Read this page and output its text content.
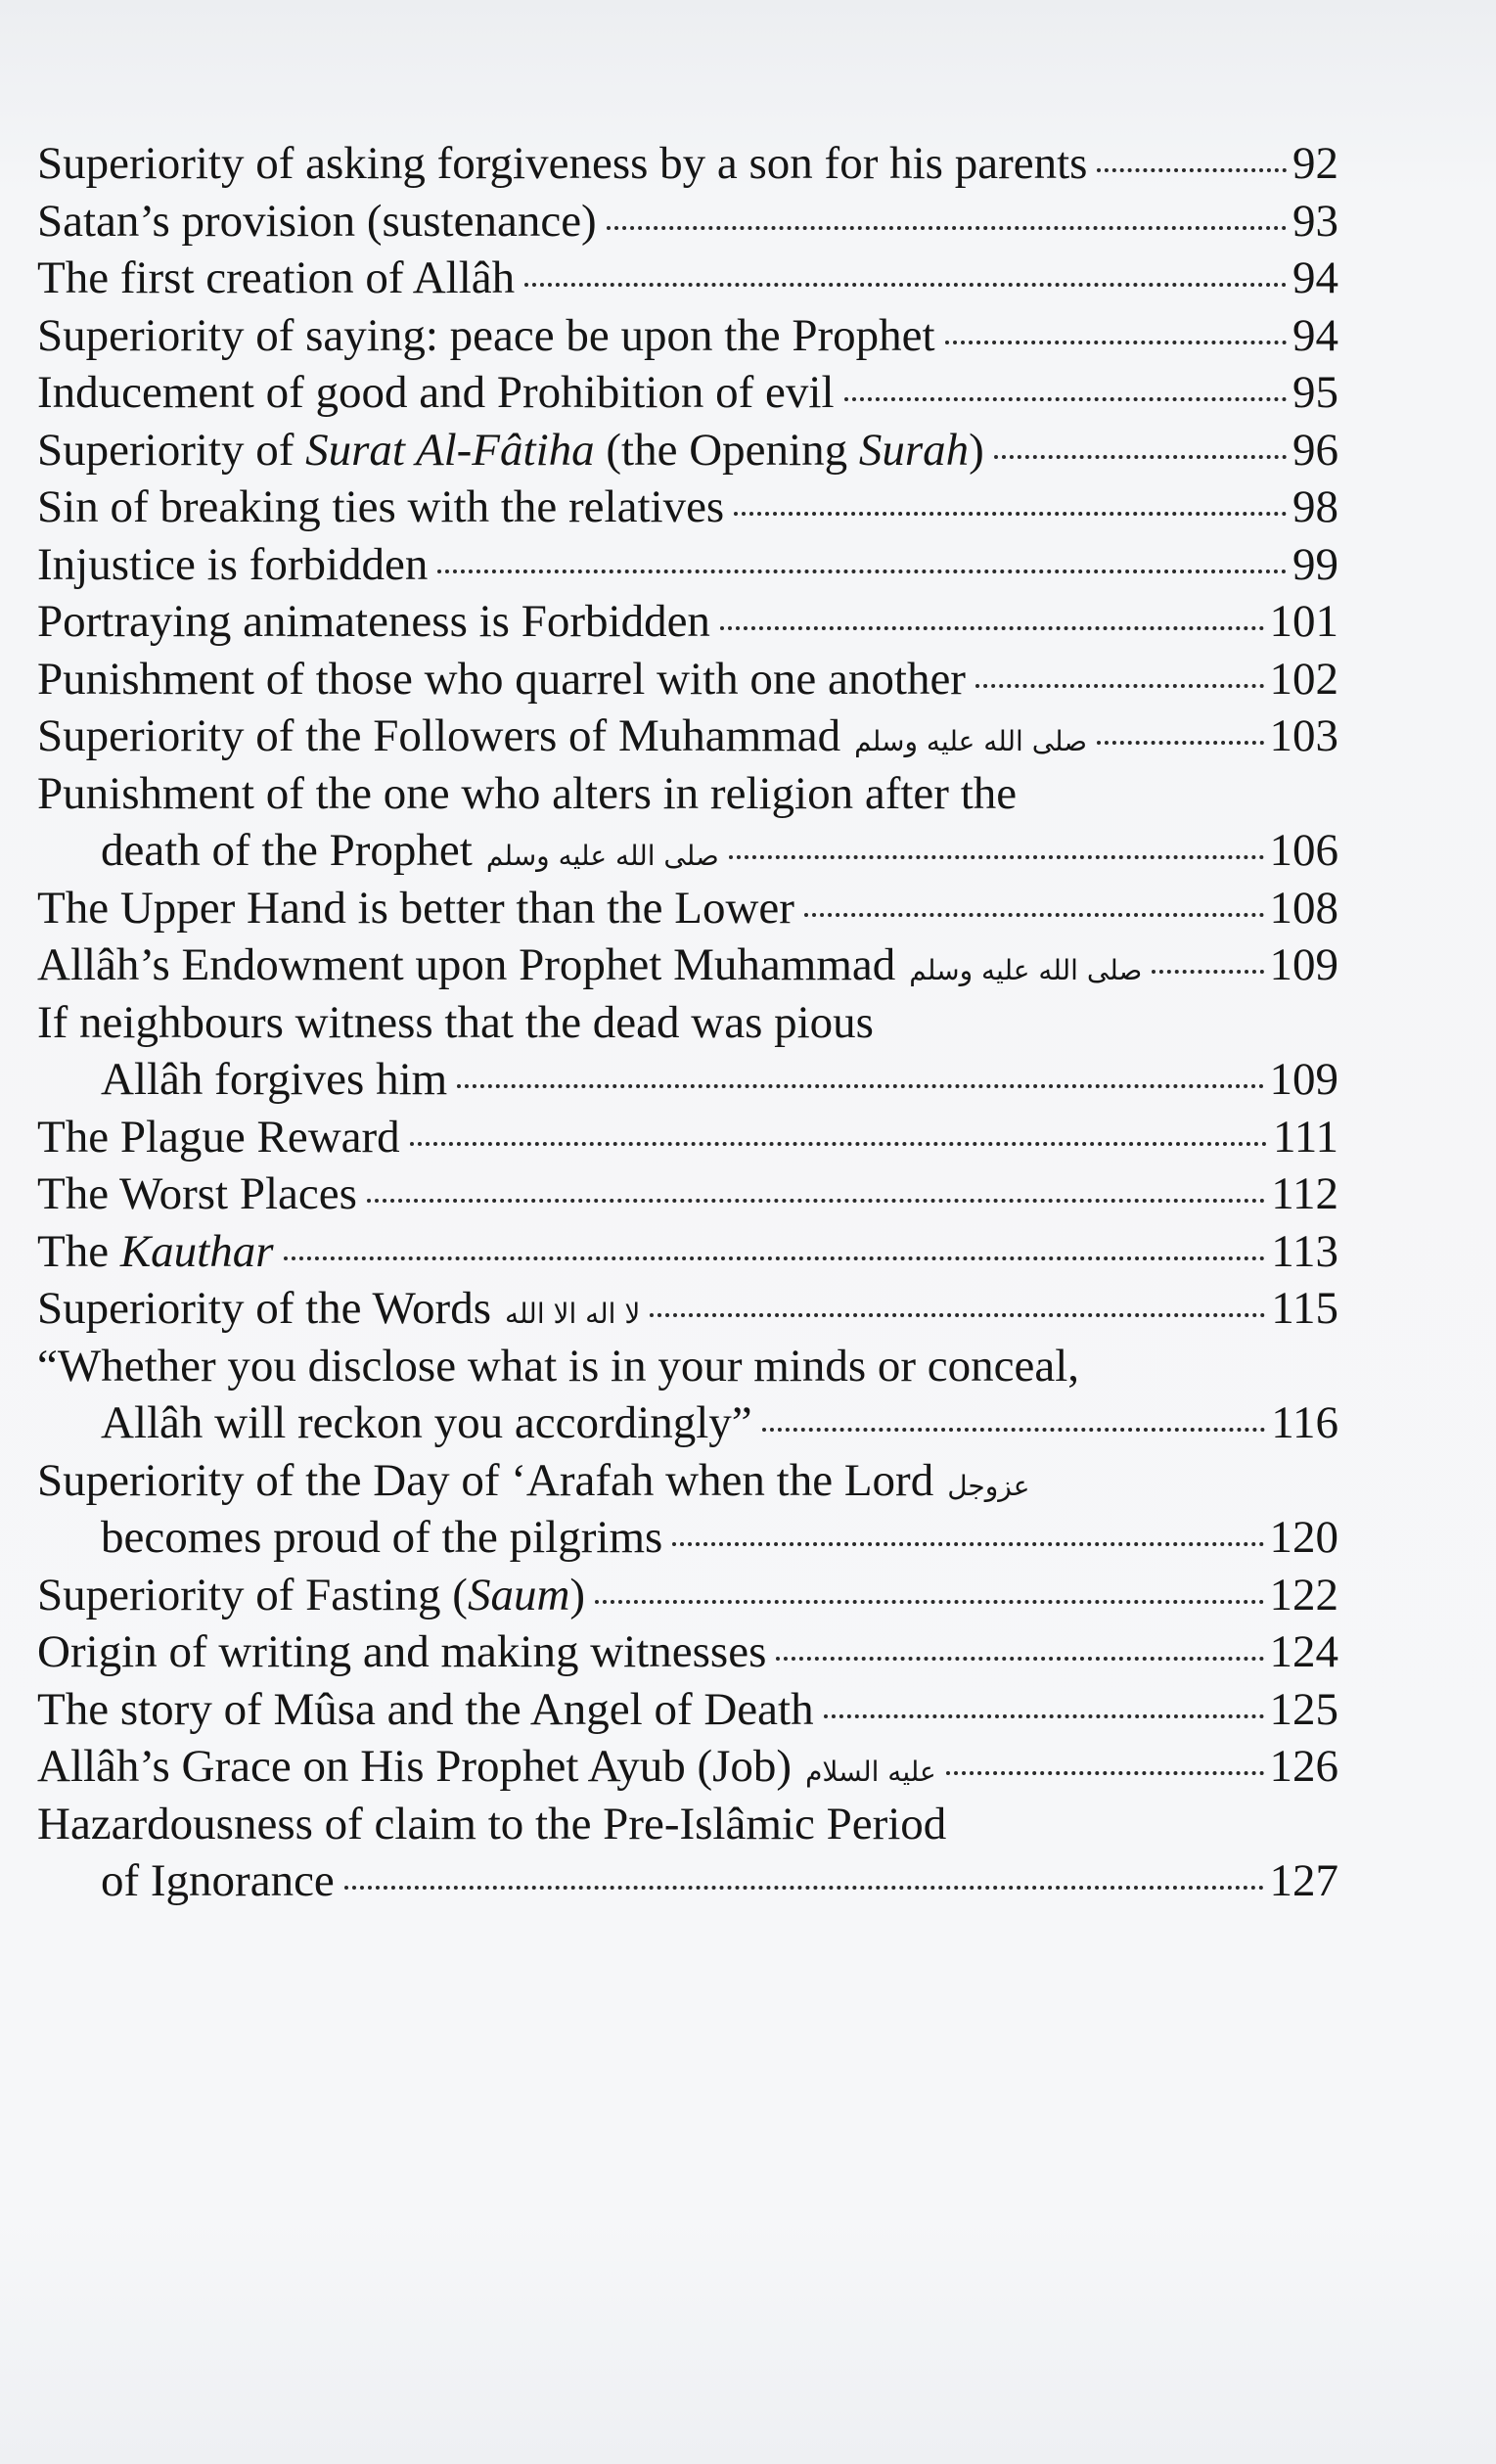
Superiority of asking forgiveness by a son for his parents	92
Satan’s provision (sustenance)	93
The first creation of Allâh	94
Superiority of saying: peace be upon the Prophet	94
Inducement of good and Prohibition of evil	95
Superiority of Surat Al-Fâtiha (the Opening Surah)	96
Sin of breaking ties with the relatives	98
Injustice is forbidden	99
Portraying animateness is Forbidden	101
Punishment of those who quarrel with one another	102
Superiority of the Followers of Muhammad صلى الله عليه وسلم	103
Punishment of the one who alters in religion after the
death of the Prophet صلى الله عليه وسلم	106
The Upper Hand is better than the Lower	108
Allâh’s Endowment upon Prophet Muhammad صلى الله عليه وسلم	109
If neighbours witness that the dead was pious
Allâh forgives him	109
The Plague Reward	111
The Worst Places	112
The Kauthar	113
Superiority of the Words لا اله الا الله	115
“Whether you disclose what is in your minds or conceal,
Allâh will reckon you accordingly”	116
Superiority of the Day of ‘Arafah when the Lord عزوجل
becomes proud of the pilgrims	120
Superiority of Fasting (Saum)	122
Origin of writing and making witnesses	124
The story of Mûsa and the Angel of Death	125
Allâh’s Grace on His Prophet Ayub (Job) عليه السلام	126
Hazardousness of claim to the Pre-Islâmic Period
of Ignorance	127
